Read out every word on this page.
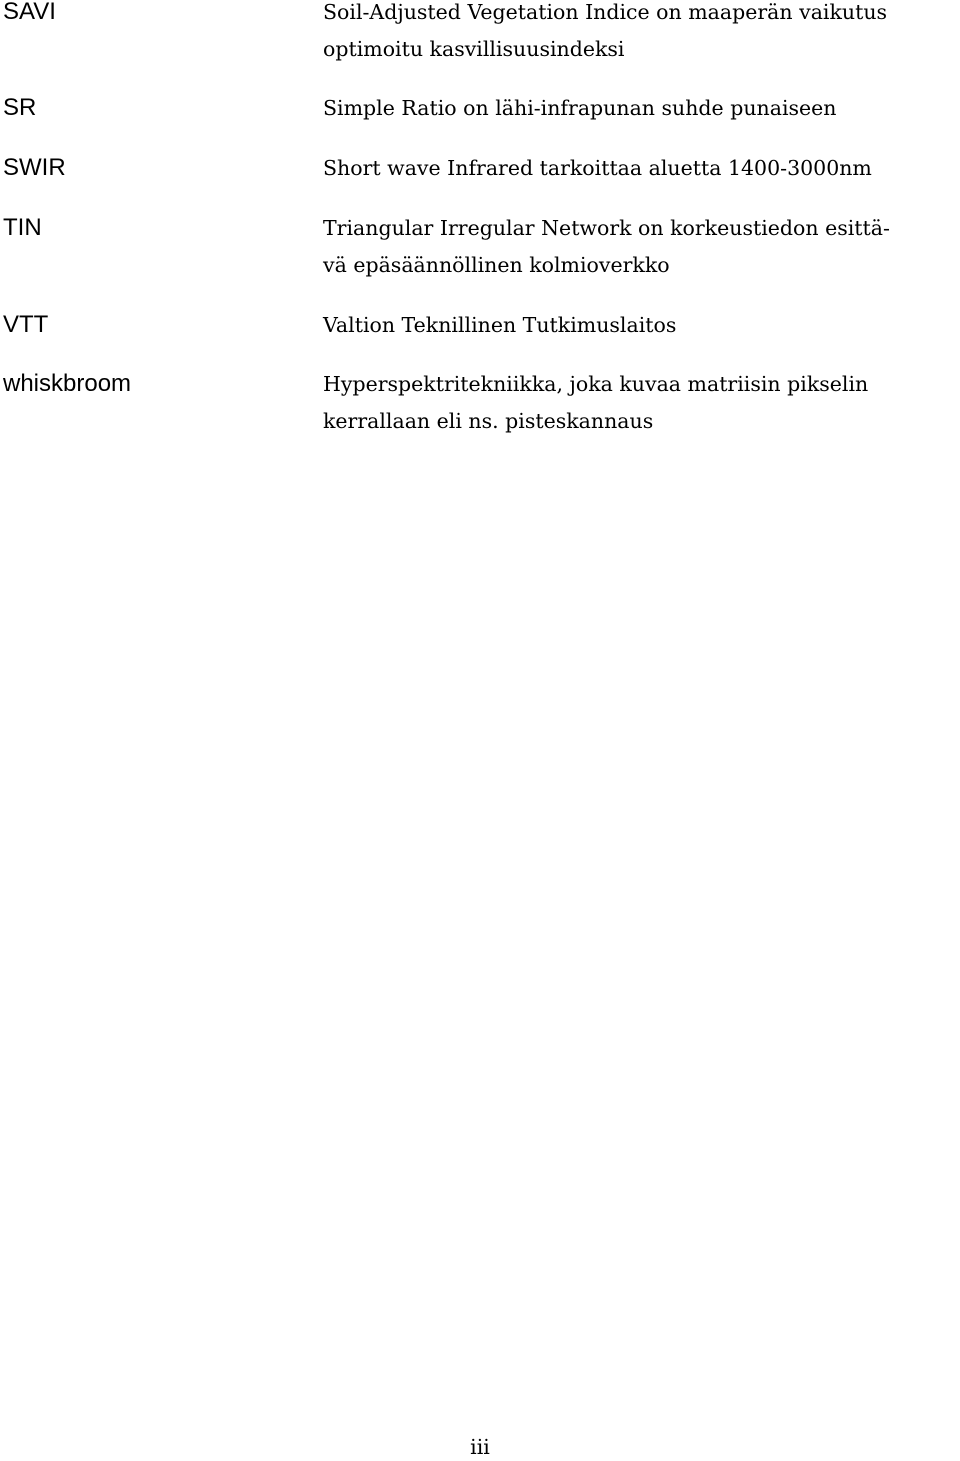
SAVI	Soil-Adjusted Vegetation Indice on maaperän vaikutus
optimoitu kasvillisuusindeksi
SR	Simple Ratio on lähi-infrapunan suhde punaiseen
SWIR	Short wave Infrared tarkoittaa aluetta 1400-3000nm
TIN	Triangular Irregular Network on korkeustiedon esittä-
vä epäsäännöllinen kolmioverkko
VTT	Valtion Teknillinen Tutkimuslaitos
whiskbroom	Hyperspektritekniikka, joka kuvaa matriisin pikselin
kerrallaan eli ns. pisteskannaus
iii
